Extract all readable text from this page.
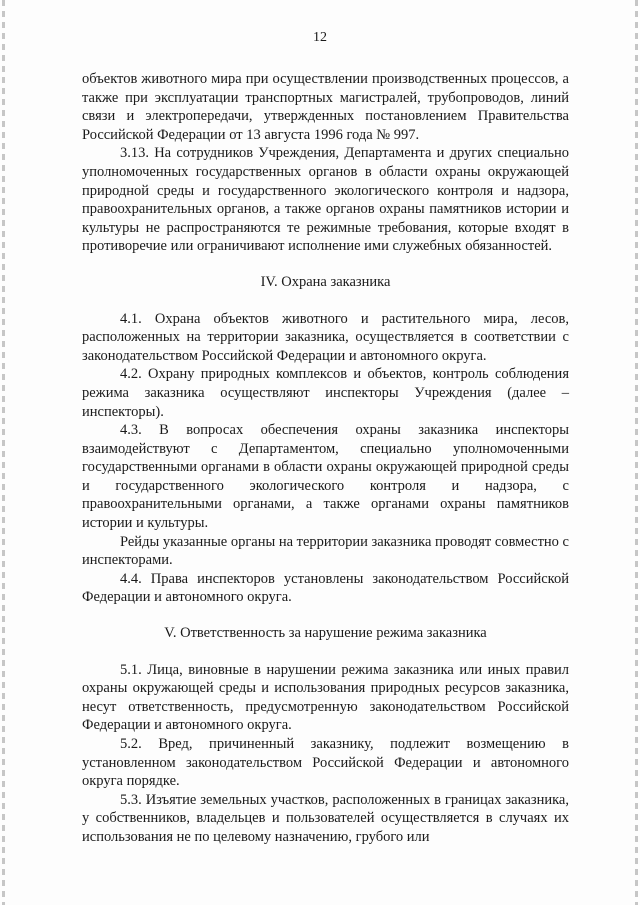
12

объектов животного мира при осуществлении производственных процессов, а также при эксплуатации транспортных магистралей, трубопроводов, линий связи и электропередачи, утвержденных постановлением Правительства Российской Федерации от 13 августа 1996 года № 997.

3.13. На сотрудников Учреждения, Департамента и других специально уполномоченных государственных органов в области охраны окружающей природной среды и государственного экологического контроля и надзора, правоохранительных органов, а также органов охраны памятников истории и культуры не распространяются те режимные требования, которые входят в противоречие или ограничивают исполнение ими служебных обязанностей.

IV. Охрана заказника

4.1. Охрана объектов животного и растительного мира, лесов, расположенных на территории заказника, осуществляется в соответствии с законодательством Российской Федерации и автономного округа.

4.2. Охрану природных комплексов и объектов, контроль соблюдения режима заказника осуществляют инспекторы Учреждения (далее – инспекторы).

4.3. В вопросах обеспечения охраны заказника инспекторы взаимодействуют с Департаментом, специально уполномоченными государственными органами в области охраны окружающей природной среды и государственного экологического контроля и надзора, с правоохранительными органами, а также органами охраны памятников истории и культуры.

Рейды указанные органы на территории заказника проводят совместно с инспекторами.

4.4. Права инспекторов установлены законодательством Российской Федерации и автономного округа.

V. Ответственность за нарушение режима заказника

5.1. Лица, виновные в нарушении режима заказника или иных правил охраны окружающей среды и использования природных ресурсов заказника, несут ответственность, предусмотренную законодательством Российской Федерации и автономного округа.

5.2. Вред, причиненный заказнику, подлежит возмещению в установленном законодательством Российской Федерации и автономного округа порядке.

5.3. Изъятие земельных участков, расположенных в границах заказника, у собственников, владельцев и пользователей осуществляется в случаях их использования не по целевому назначению, грубого или
